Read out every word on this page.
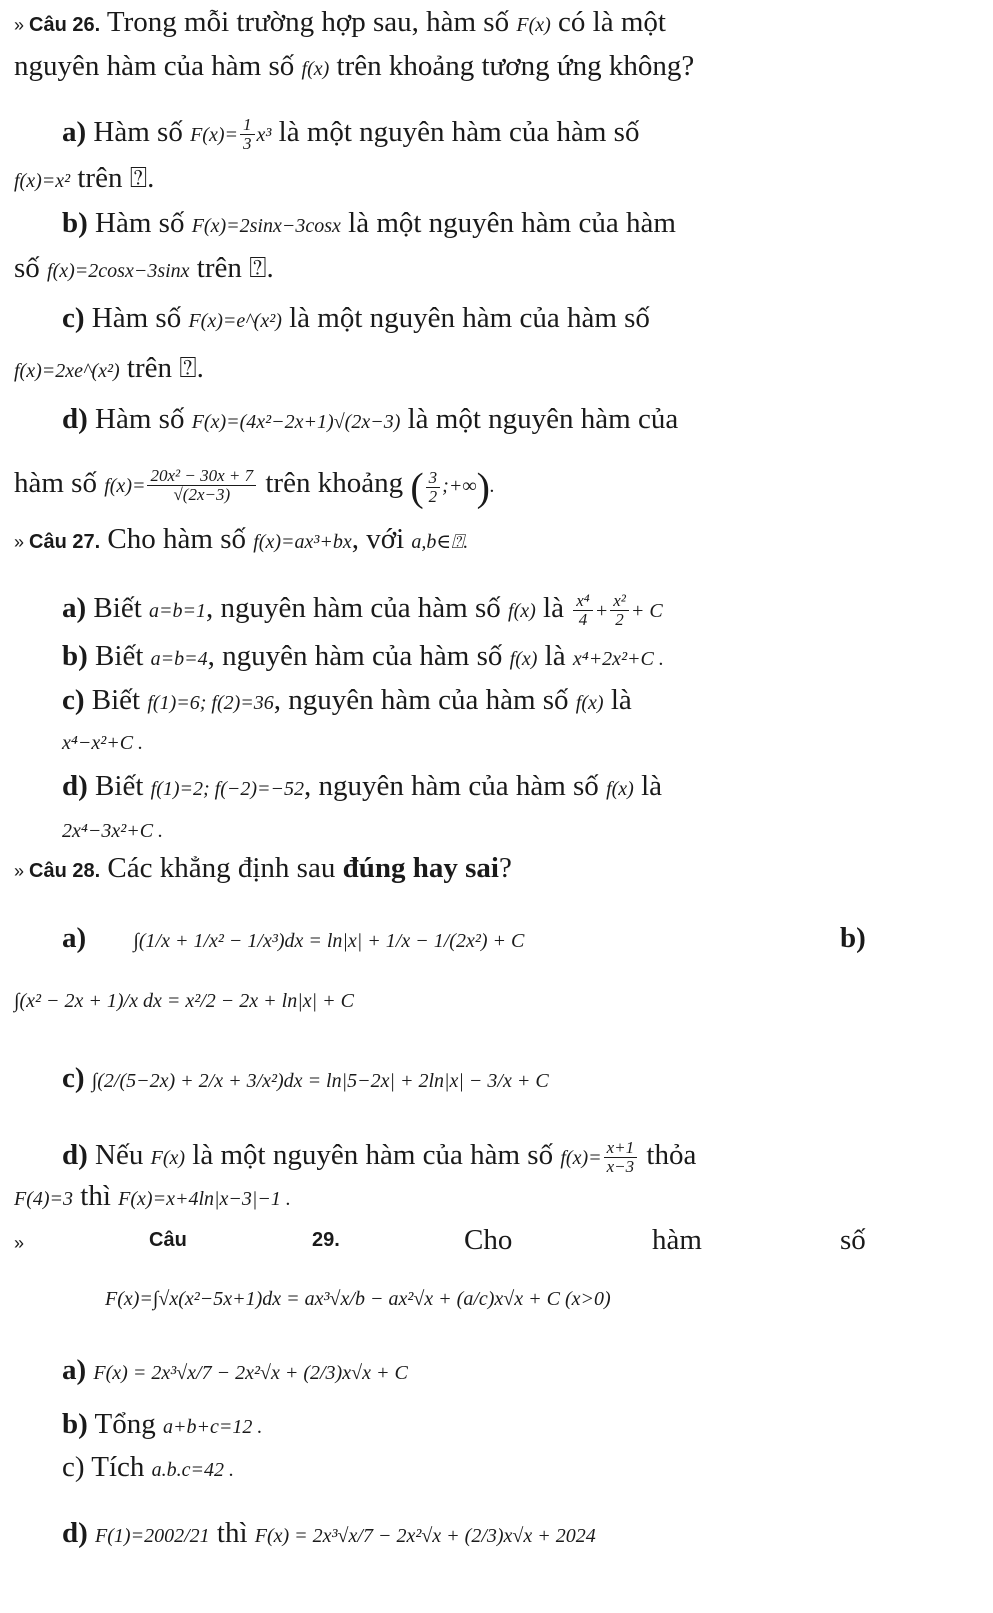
» Câu 26. Trong mỗi trường hợp sau, hàm số F(x) có là một
nguyên hàm của hàm số f(x) trên khoảng tương ứng không?
a) Hàm số $F(x)= \frac{1}{3} x^3$ là một nguyên hàm của hàm số
f(x)=x² trên ⍰.
b) Hàm số F(x)=2sinx−3cosx là một nguyên hàm của hàm
số f(x)=2cosx−3sinx trên ⍰.
c) Hàm số F(x)=e^(x²) là một nguyên hàm của hàm số
f(x)=2xe^(x²) trên ⍰.
d) Hàm số F(x)=(4x²−2x+1)√(2x−3) là một nguyên hàm của
hàm số $f(x)= \frac{\text{20x² − 30x + 7}}{√(2x-3)}$ trên khoảng ( $\frac{3}{2}$ ;+∞).
» Câu 27. Cho hàm số f(x)=ax³+bx, với a,b∈⍰.
a) Biết a=b=1, nguyên hàm của hàm số f(x) là $\frac{\text{x⁴}}{4} + \frac{\text{x²}}{2} + C$
b) Biết a=b=4, nguyên hàm của hàm số f(x) là x⁴+2x²+C .
c) Biết f(1)=6; f(2)=36, nguyên hàm của hàm số f(x) là
x⁴−x²+C .
d) Biết f(1)=2; f(−2)=−52, nguyên hàm của hàm số f(x) là
2x⁴−3x²+C .
» Câu 28. Các khẳng định sau đúng hay sai?
a) ∫(1/x + 1/x² − 1/x³)dx = ln|x| + 1/x − 1/(2x²) + C	b)
∫(x² − 2x + 1)/x dx = x²/2 − 2x + ln|x| + C
c) ∫(2/(5−2x) + 2/x + 3/x²)dx = ln|5−2x| + 2ln|x| − 3/x + C
d) Nếu F(x) là một nguyên hàm của hàm số $f(x)= \frac{x+1}{x-3}$ thỏa
F(4)=3 thì F(x)=x+4ln|x−3|−1 .
»	Câu	29.	Cho	hàm	số
F(x)=∫√x(x²−5x+1)dx = ax³√x/b − ax²√x + (a/c)x√x + C (x>0)
a) F(x) = 2x³√x/7 − 2x²√x + (2/3)x√x + C
b) Tổng a+b+c=12 .
c) Tích a.b.c=42 .
d) F(1)=2002/21 thì F(x) = 2x³√x/7 − 2x²√x + (2/3)x√x + 2024
